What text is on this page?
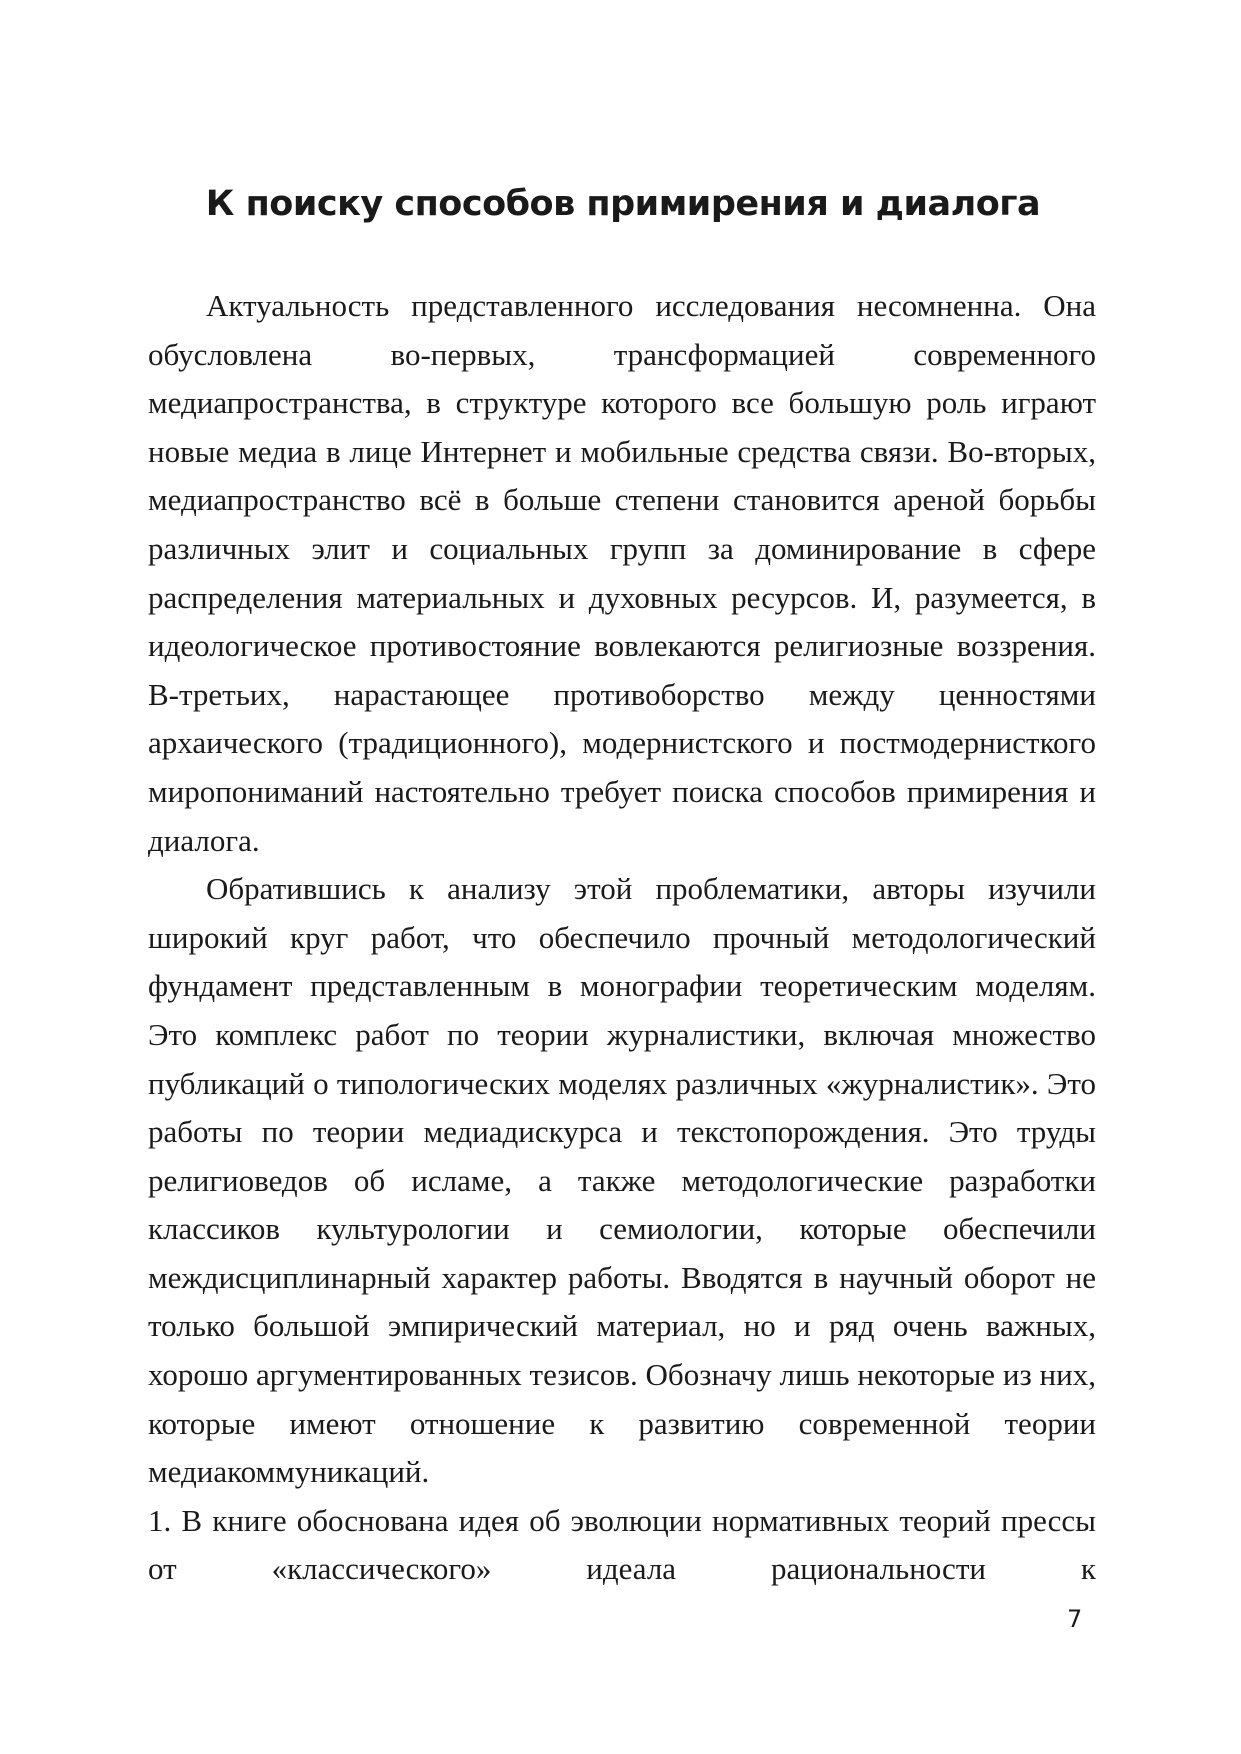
К поиску способов примирения и диалога

Актуальность представленного исследования несомненна. Она обусловлена во-первых, трансформацией современного медиапространства, в структуре которого все большую роль играют новые медиа в лице Интернет и мобильные средства связи. Во-вторых, медиапространство всё в больше степени становится ареной борьбы различных элит и социальных групп за доминирование в сфере распределения материальных и духовных ресурсов. И, разумеется, в идеологическое противостояние вовлекаются религиозные воззрения. В-третьих, нарастающее противоборство между ценностями архаического (традиционного), модернистского и постмодерниcткого миропониманий настоятельно требует поиска способов примирения и диалога.

Обратившись к анализу этой проблематики, авторы изучили широкий круг работ, что обеспечило прочный методологический фундамент представленным в монографии теоретическим моделям. Это комплекс работ по теории журналистики, включая множество публикаций о типологических моделях различных «журналистик». Это работы по теории медиадискурса и текстопорождения. Это труды религиоведов об исламе, а также методологические разработки классиков культурологии и семиологии, которые обеспечили междисциплинарный характер работы. Вводятся в научный оборот не только большой эмпирический материал, но и ряд очень важных, хорошо аргументированных тезисов. Обозначу лишь некоторые из них, которые имеют отношение к развитию современной теории медиакоммуникаций.

1. В книге обоснована идея об эволюции нормативных теорий прессы от «классического» идеала рациональности к

7
